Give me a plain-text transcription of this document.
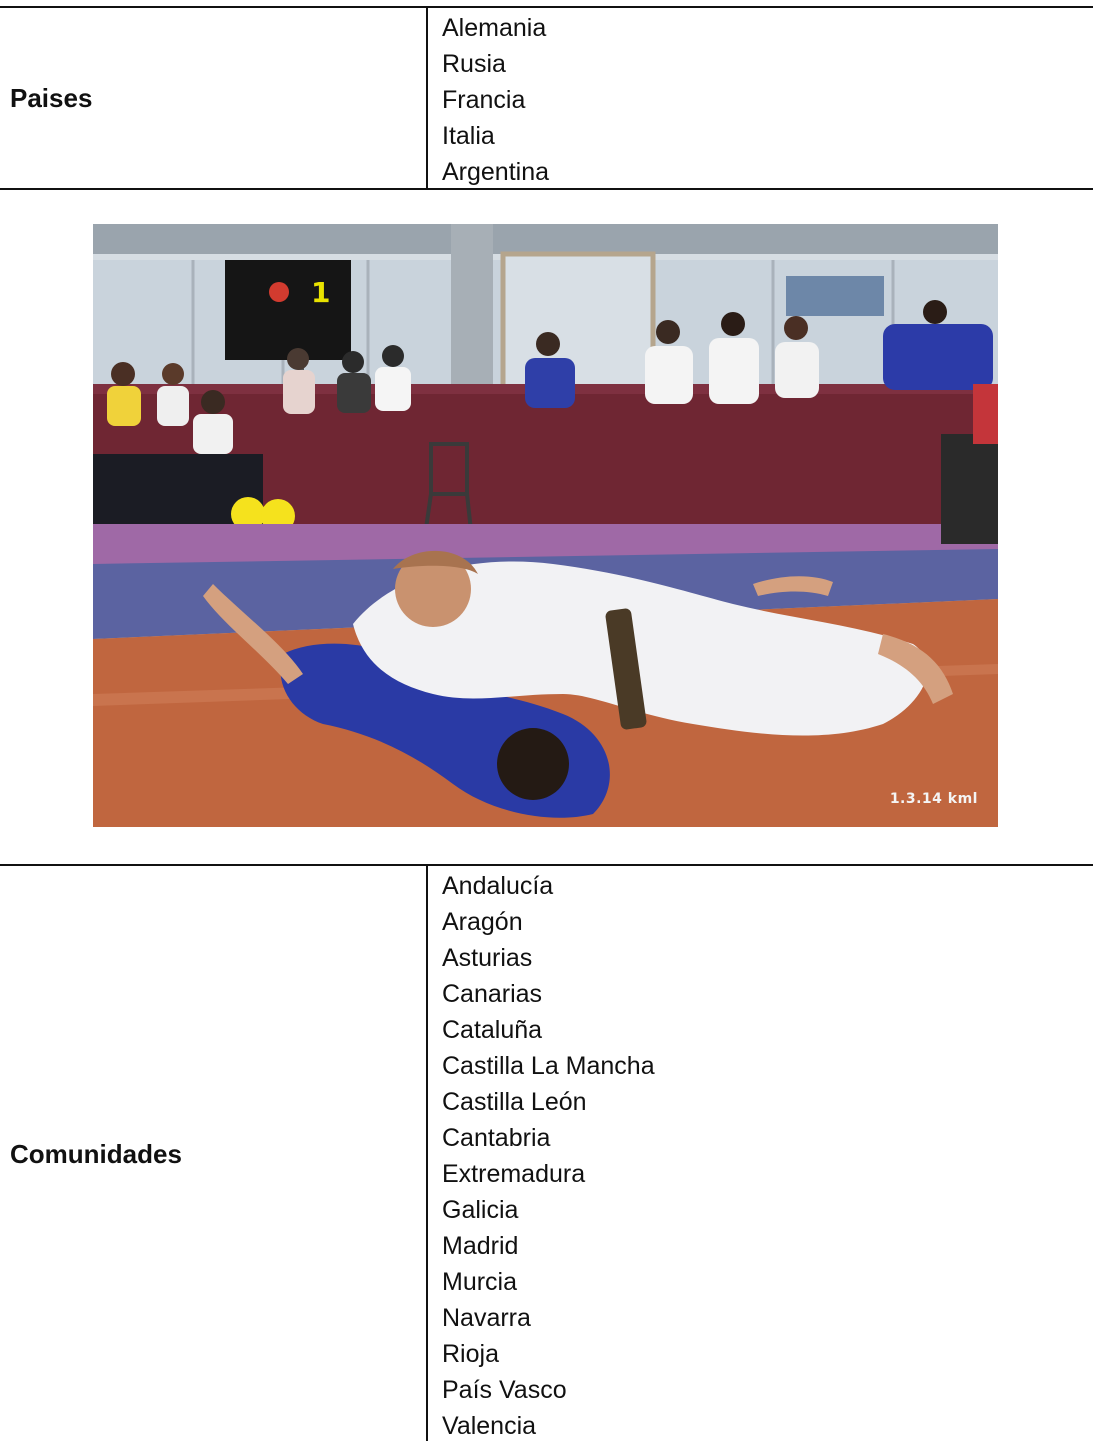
Paises
Alemania
Rusia
Francia
Italia
Argentina
1
1.3.14 kml
Comunidades
Andalucía
Aragón
Asturias
Canarias
Cataluña
Castilla La Mancha
Castilla León
Cantabria
Extremadura
Galicia
Madrid
Murcia
Navarra
Rioja
País Vasco
Valencia
